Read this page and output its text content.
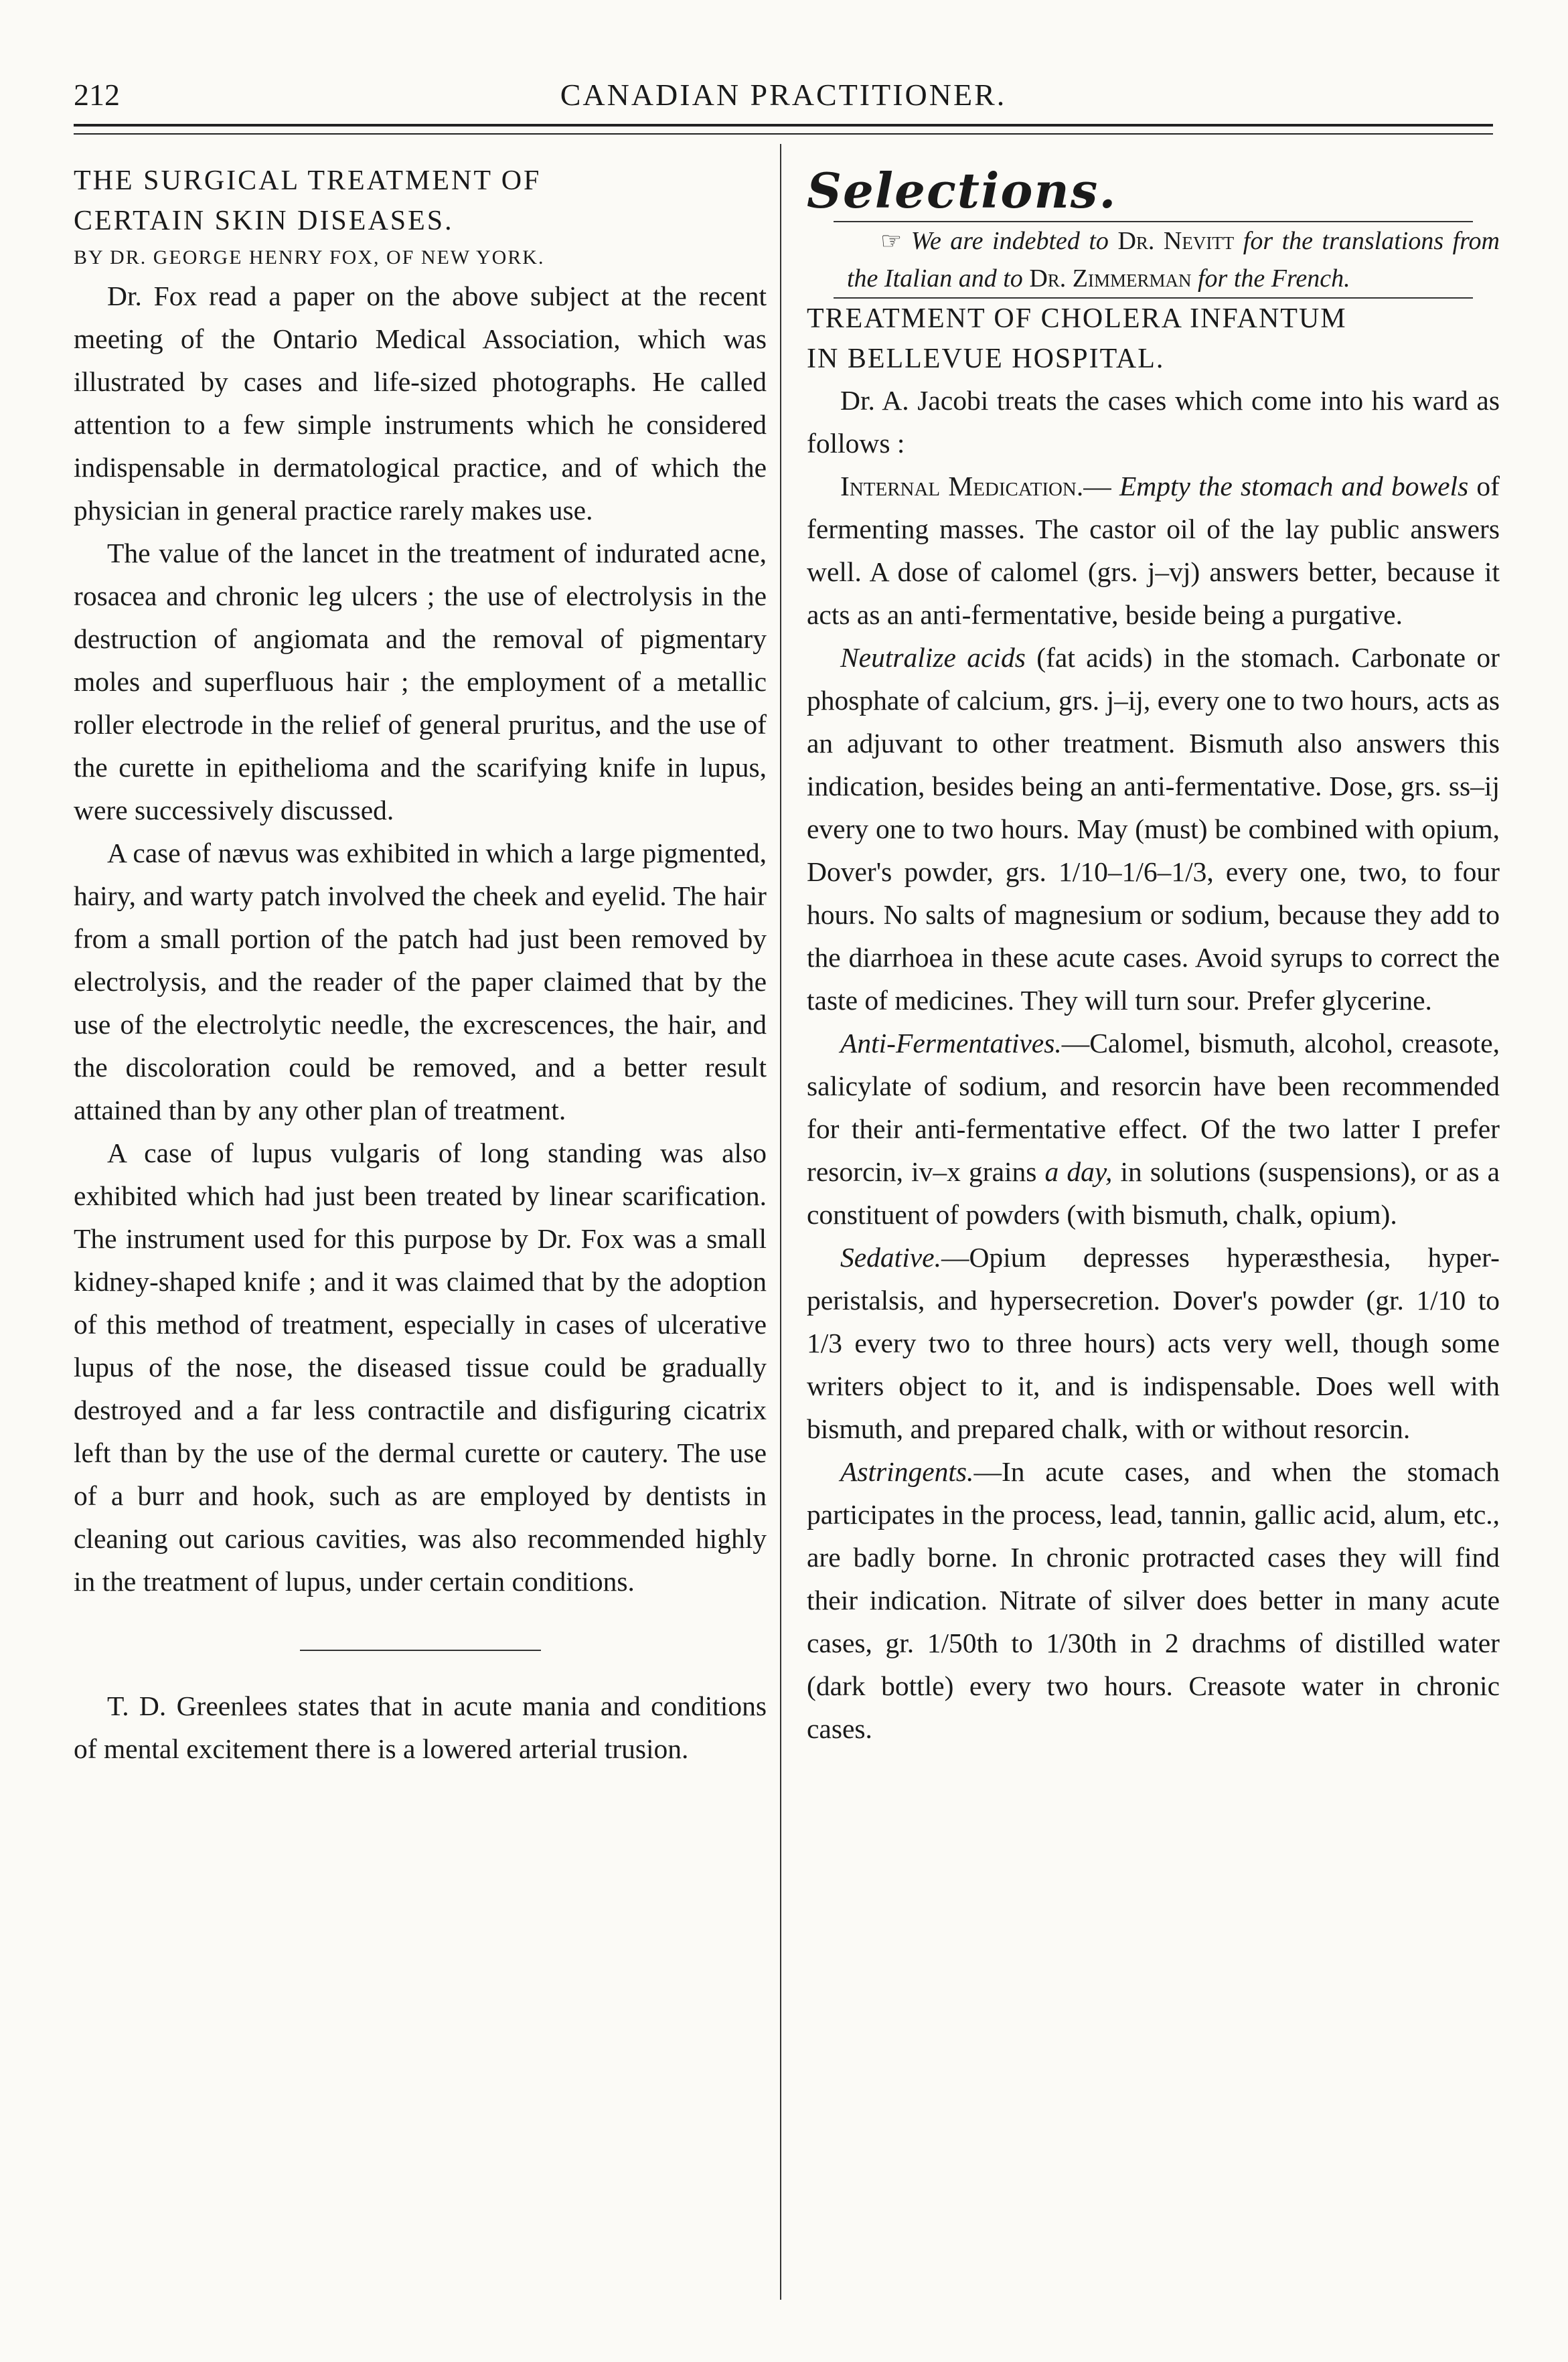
212	CANADIAN PRACTITIONER.

THE SURGICAL TREATMENT OF

CERTAIN SKIN DISEASES.

BY DR. GEORGE HENRY FOX, OF NEW YORK.

Dr. Fox read a paper on the above subject at the recent meeting of the Ontario Medical Association, which was illustrated by cases and life-sized photographs. He called attention to a few simple instruments which he considered indispensable in dermatological practice, and of which the physician in general practice rarely makes use.

The value of the lancet in the treatment of indurated acne, rosacea and chronic leg ulcers ; the use of electrolysis in the destruction of angiomata and the removal of pigmentary moles and superfluous hair ; the employment of a metallic roller electrode in the relief of general pruritus, and the use of the curette in epithelioma and the scarifying knife in lupus, were successively discussed.

A case of nævus was exhibited in which a large pigmented, hairy, and warty patch involved the cheek and eyelid. The hair from a small portion of the patch had just been removed by electrolysis, and the reader of the paper claimed that by the use of the electrolytic needle, the excrescences, the hair, and the discoloration could be removed, and a better result attained than by any other plan of treatment.

A case of lupus vulgaris of long standing was also exhibited which had just been treated by linear scarification. The instrument used for this purpose by Dr. Fox was a small kidney-shaped knife ; and it was claimed that by the adoption of this method of treatment, especially in cases of ulcerative lupus of the nose, the diseased tissue could be gradually destroyed and a far less contractile and disfiguring cicatrix left than by the use of the dermal curette or cautery. The use of a burr and hook, such as are employed by dentists in cleaning out carious cavities, was also recommended highly in the treatment of lupus, under certain conditions.

T. D. Greenlees states that in acute mania and conditions of mental excitement there is a lowered arterial trusion.

Selections.

☞ We are indebted to Dr. Nevitt for the translations from the Italian and to Dr. Zimmerman for the French.

TREATMENT OF CHOLERA INFANTUM
IN BELLEVUE HOSPITAL.

Dr. A. Jacobi treats the cases which come into his ward as follows :

Internal Medication.— Empty the stomach and bowels of fermenting masses. The castor oil of the lay public answers well. A dose of calomel (grs. j–vj) answers better, because it acts as an anti-fermentative, beside being a purgative.

Neutralize acids (fat acids) in the stomach. Carbonate or phosphate of calcium, grs. j–ij, every one to two hours, acts as an adjuvant to other treatment. Bismuth also answers this indication, besides being an anti-fermentative. Dose, grs. ss–ij every one to two hours. May (must) be combined with opium, Dover's powder, grs. 1/10–1/6–1/3, every one, two, to four hours. No salts of magnesium or sodium, because they add to the diarrhoea in these acute cases. Avoid syrups to correct the taste of medicines. They will turn sour. Prefer glycerine.

Anti-Fermentatives.—Calomel, bismuth, alcohol, creasote, salicylate of sodium, and resorcin have been recommended for their anti-fermentative effect. Of the two latter I prefer resorcin, iv–x grains a day, in solutions (suspensions), or as a constituent of powders (with bismuth, chalk, opium).

Sedative.—Opium depresses hyperæsthesia, hyper-peristalsis, and hypersecretion. Dover's powder (gr. 1/10 to 1/3 every two to three hours) acts very well, though some writers object to it, and is indispensable. Does well with bismuth, and prepared chalk, with or without resorcin.

Astringents.—In acute cases, and when the stomach participates in the process, lead, tannin, gallic acid, alum, etc., are badly borne. In chronic protracted cases they will find their indication. Nitrate of silver does better in many acute cases, gr. 1/50th to 1/30th in 2 drachms of distilled water (dark bottle) every two hours. Creasote water in chronic cases.
